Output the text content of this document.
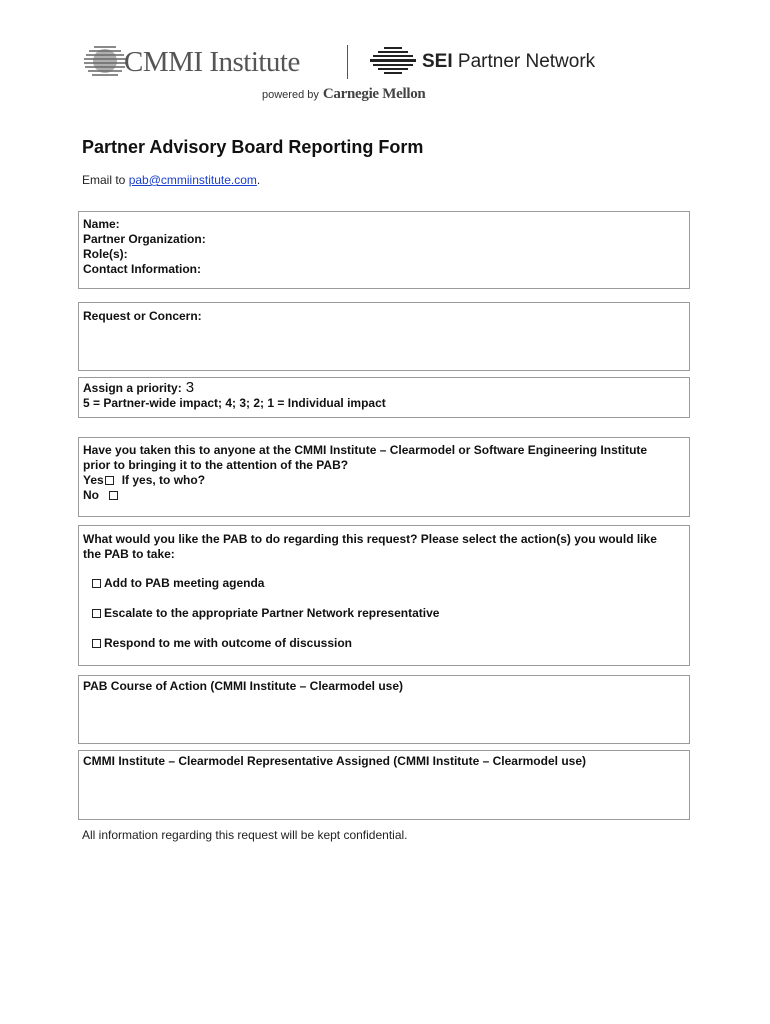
CMMI Institute	SEI Partner Network
powered by Carnegie Mellon
Partner Advisory Board Reporting Form
Email to pab@cmmiinstitute.com.
Name:
Partner Organization:
Role(s):
Contact Information:
Request or Concern:
Assign a priority: 3
5 = Partner-wide impact; 4; 3; 2; 1 = Individual impact
Have you taken this to anyone at the CMMI Institute – Clearmodel or Software Engineering Institute
prior to bringing it to the attention of the PAB?
Yes If yes, to who?
No
What would you like the PAB to do regarding this request? Please select the action(s) you would like
the PAB to take:
Add to PAB meeting agenda
Escalate to the appropriate Partner Network representative
Respond to me with outcome of discussion
PAB Course of Action (CMMI Institute – Clearmodel use)
CMMI Institute – Clearmodel Representative Assigned (CMMI Institute – Clearmodel use)
All information regarding this request will be kept confidential.
